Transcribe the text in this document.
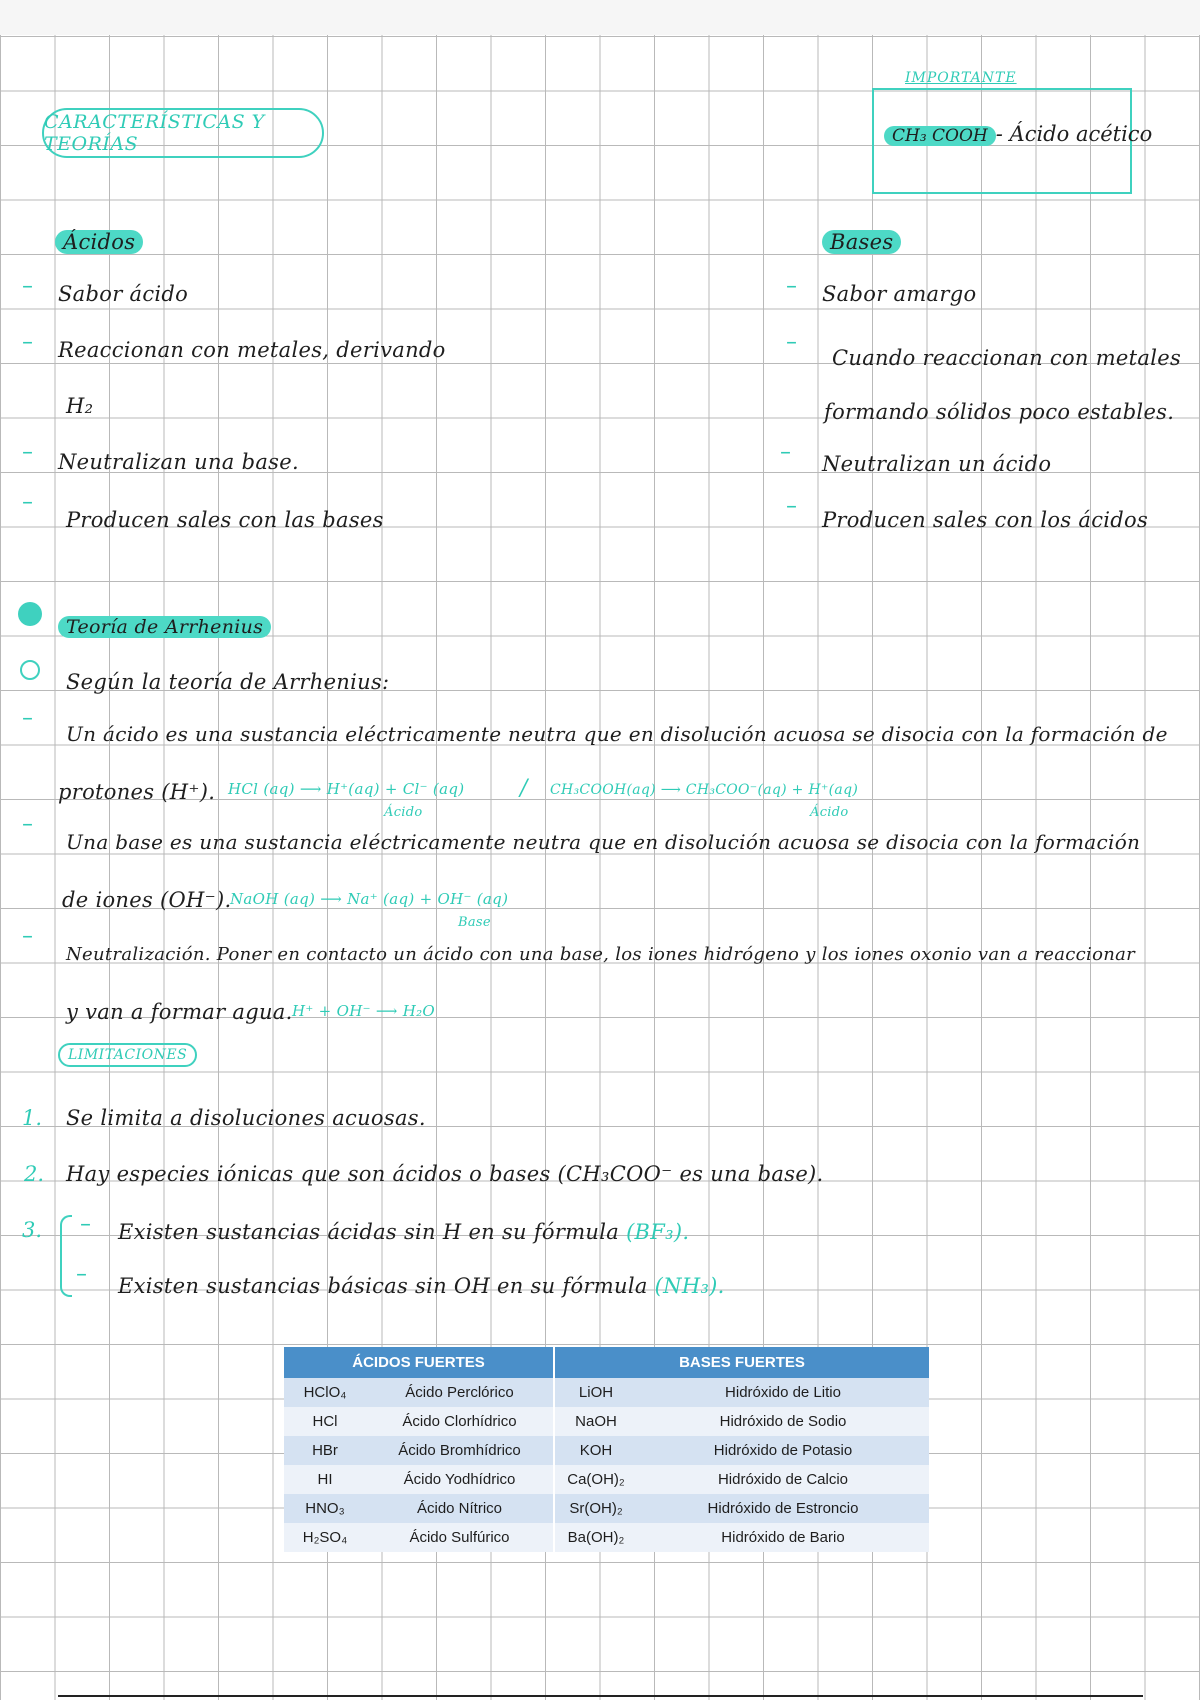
CARACTERÍSTICAS Y TEORÍAS
IMPORTANTE
CH₃ COOH - Ácido acético
Ácidos
– Sabor ácido
– Reaccionan con metales, derivando
H₂
– Neutralizan una base.
–
Producen sales con las bases
Bases
– Sabor amargo
–
Cuando reaccionan con metales
formando sólidos poco estables.
– Neutralizan un ácido
–
Producen sales con los ácidos
Teoría de Arrhenius
Según la teoría de Arrhenius:
–
Un ácido es una sustancia eléctricamente neutra que en disolución acuosa se disocia con la formación de
protones (H⁺). HCl (aq) ⟶ H⁺(aq) + Cl⁻ (aq)	/ CH₃COOH(aq) ⟶ CH₃COO⁻(aq) + H⁺(aq)
Ácido	Ácido
–
Una base es una sustancia eléctricamente neutra que en disolución acuosa se disocia con la formación
de iones (OH⁻).
NaOH (aq) ⟶ Na⁺ (aq) + OH⁻ (aq)
Base
–
Neutralización. Poner en contacto un ácido con una base, los iones hidrógeno y los iones oxonio van a reaccionar
y van a formar agua. H⁺ + OH⁻ ⟶ H₂O
LIMITACIONES
1. Se limita a disoluciones acuosas.
2. Hay especies iónicas que son ácidos o bases (CH₃COO⁻ es una base).
3. – Existen sustancias ácidas sin H en su fórmula (BF₃).
– Existen sustancias básicas sin OH en su fórmula (NH₃).
ÁCIDOS FUERTES		BASES FUERTES	
HClO₄	Ácido Perclórico	LiOH	Hidróxido de Litio
HCl	Ácido Clorhídrico	NaOH	Hidróxido de Sodio
HBr	Ácido Bromhídrico	KOH	Hidróxido de Potasio
HI	Ácido Yodhídrico	Ca(OH)₂	Hidróxido de Calcio
HNO₃	Ácido Nítrico	Sr(OH)₂	Hidróxido de Estroncio
H₂SO₄	Ácido Sulfúrico	Ba(OH)₂	Hidróxido de Bario
